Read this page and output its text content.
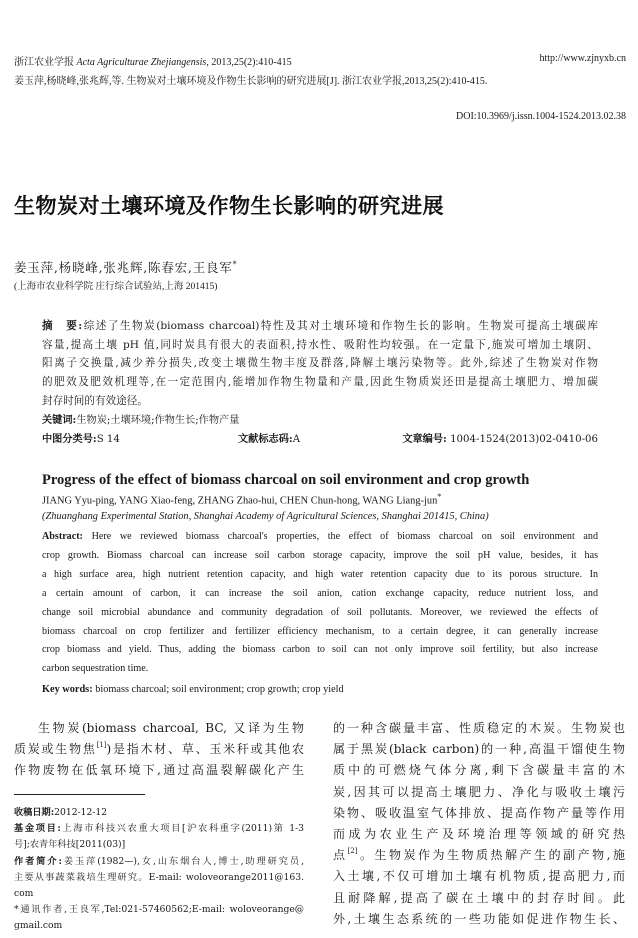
浙江农业学报 Acta Agriculturae Zhejiangensis, 2013,25(2):410-415	http://www.zjnyxb.cn
姜玉萍,杨晓峰,张兆辉,等. 生物炭对土壤环境及作物生长影响的研究进展[J]. 浙江农业学报,2013,25(2):410-415.
DOI:10.3969/j.issn.1004-1524.2013.02.38
生物炭对土壤环境及作物生长影响的研究进展
姜玉萍,杨晓峰,张兆辉,陈春宏,王良军*
(上海市农业科学院 庄行综合试验站,上海 201415)

摘　要:综述了生物炭(biomass charcoal)特性及其对土壤环境和作物生长的影响。生物炭可提高土壤碳库

容量,提高土壤 pH 值,同时炭具有很大的表面积,持水性、吸附性均较强。在一定量下,施炭可增加土壤阴、

阳离子交换量,减少养分损失,改变土壤微生物丰度及群落,降解土壤污染物等。此外,综述了生物炭对作物

的肥效及肥效机理等,在一定范围内,能增加作物生物量和产量,因此生物质炭还田是提高土壤肥力、增加碳

封存时间的有效途径。

关键词:生物炭;土壤环境;作物生长;作物产量
中图分类号:S 14	文献标志码:A	文章编号: 1004-1524(2013)02-0410-06
Progress of the effect of biomass charcoal on soil environment and crop growth
JIANG Yyu-ping, YANG Xiao-feng, ZHANG Zhao-hui, CHEN Chun-hong, WANG Liang-jun*
(Zhuanghang Experimental Station, Shanghai Academy of Agricultural Sciences, Shanghai 201415, China)

Abstract: Here we reviewed biomass charcoal's properties, the effect of biomass charcoal on soil environment and

crop growth. Biomass charcoal can increase soil carbon storage capacity, improve the soil pH value, besides, it has

a high surface area, high nutrient retention capacity, and high water retention capacity due to its porous structure. In

a certain amount of carbon, it can increase the soil anion, cation exchange capacity, reduce nutrient loss, and

change soil microbial abundance and community degradation of soil pollutants. Moreover, we reviewed the effects of

biomass charcoal on crop fertilizer and fertilizer efficiency mechanism, to a certain degree, it can generally increase

crop biomass and yield. Thus, adding the biomass carbon to soil can not only improve soil fertility, but also increase

carbon sequestration time.

Key words: biomass charcoal; soil environment; crop growth; crop yield

生物炭(biomass charcoal, BC, 又译为生物

质炭或生物焦[1])是指木材、草、玉米秆或其他农

作物废物在低氧环境下,通过高温裂解碳化产生

收稿日期:2012-12-12

基金项目:上海市科技兴农重大项目[沪农科重字(2011)第 1-3

号];农青年科技[2011(03)]

作者简介:姜玉萍(1982—),女,山东烟台人,博士,助理研究员,

主要从事蔬菜栽培生理研究。E-mail: woloveorange2011@163.

com

*通讯作者,王良军,Tel:021-57460562;E-mail: woloveorange@

gmail.com

的一种含碳量丰富、性质稳定的木炭。生物炭也

属于黑炭(black carbon)的一种,高温干馏使生物

质中的可燃烧气体分离,剩下含碳量丰富的木

炭,因其可以提高土壤肥力、净化与吸收土壤污

染物、吸收温室气体排放、提高作物产量等作用

而成为农业生产及环境治理等领域的研究热

点[2]。生物炭作为生物质热解产生的副产物,施

入土壤,不仅可增加土壤有机物质,提高肥力,而

且耐降解,提高了碳在土壤中的封存时间。此

外,土壤生态系统的一些功能如促进作物生长、
